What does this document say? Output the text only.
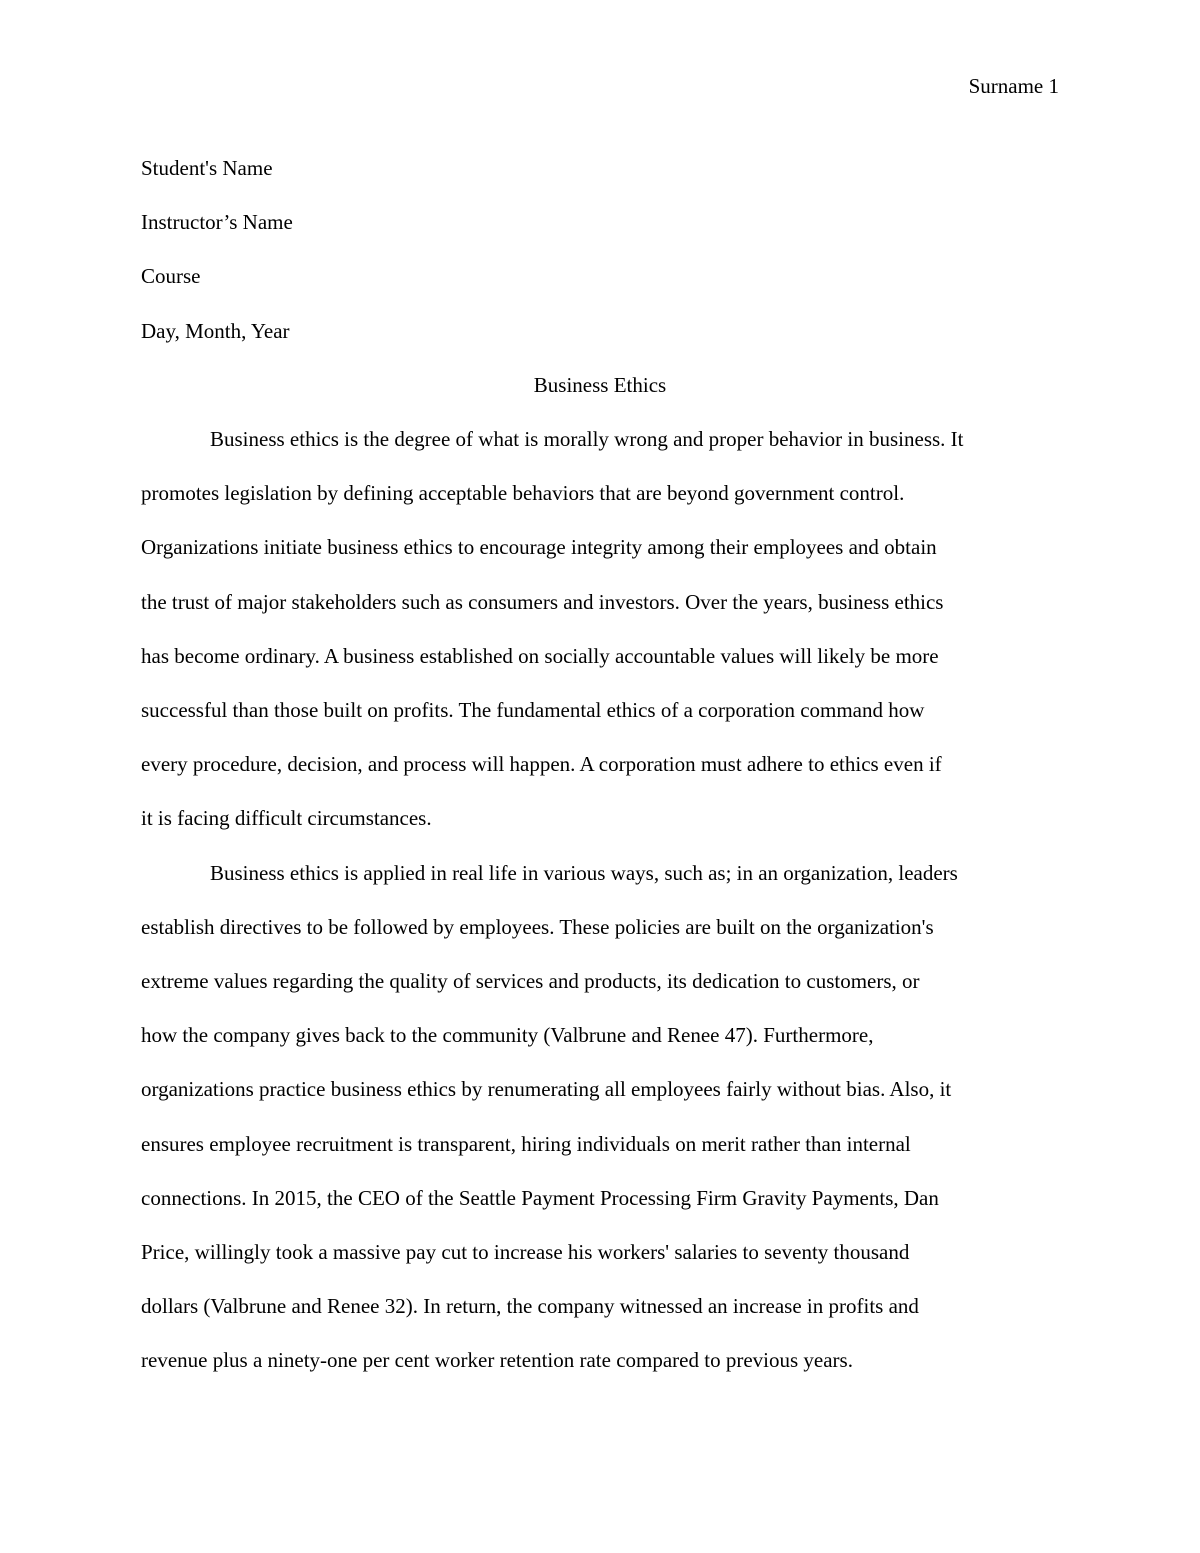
Surname 1

Student's Name

Instructor’s Name

Course

Day, Month, Year

Business Ethics

Business ethics is the degree of what is morally wrong and proper behavior in business. It

promotes legislation by defining acceptable behaviors that are beyond government control.

Organizations initiate business ethics to encourage integrity among their employees and obtain

the trust of major stakeholders such as consumers and investors. Over the years, business ethics

has become ordinary. A business established on socially accountable values will likely be more

successful than those built on profits. The fundamental ethics of a corporation command how

every procedure, decision, and process will happen. A corporation must adhere to ethics even if

it is facing difficult circumstances.

Business ethics is applied in real life in various ways, such as; in an organization, leaders

establish directives to be followed by employees. These policies are built on the organization's

extreme values regarding the quality of services and products, its dedication to customers, or

how the company gives back to the community (Valbrune and Renee 47). Furthermore,

organizations practice business ethics by renumerating all employees fairly without bias. Also, it

ensures employee recruitment is transparent, hiring individuals on merit rather than internal

connections. In 2015, the CEO of the Seattle Payment Processing Firm Gravity Payments, Dan

Price, willingly took a massive pay cut to increase his workers' salaries to seventy thousand

dollars (Valbrune and Renee 32). In return, the company witnessed an increase in profits and

revenue plus a ninety-one per cent worker retention rate compared to previous years.
